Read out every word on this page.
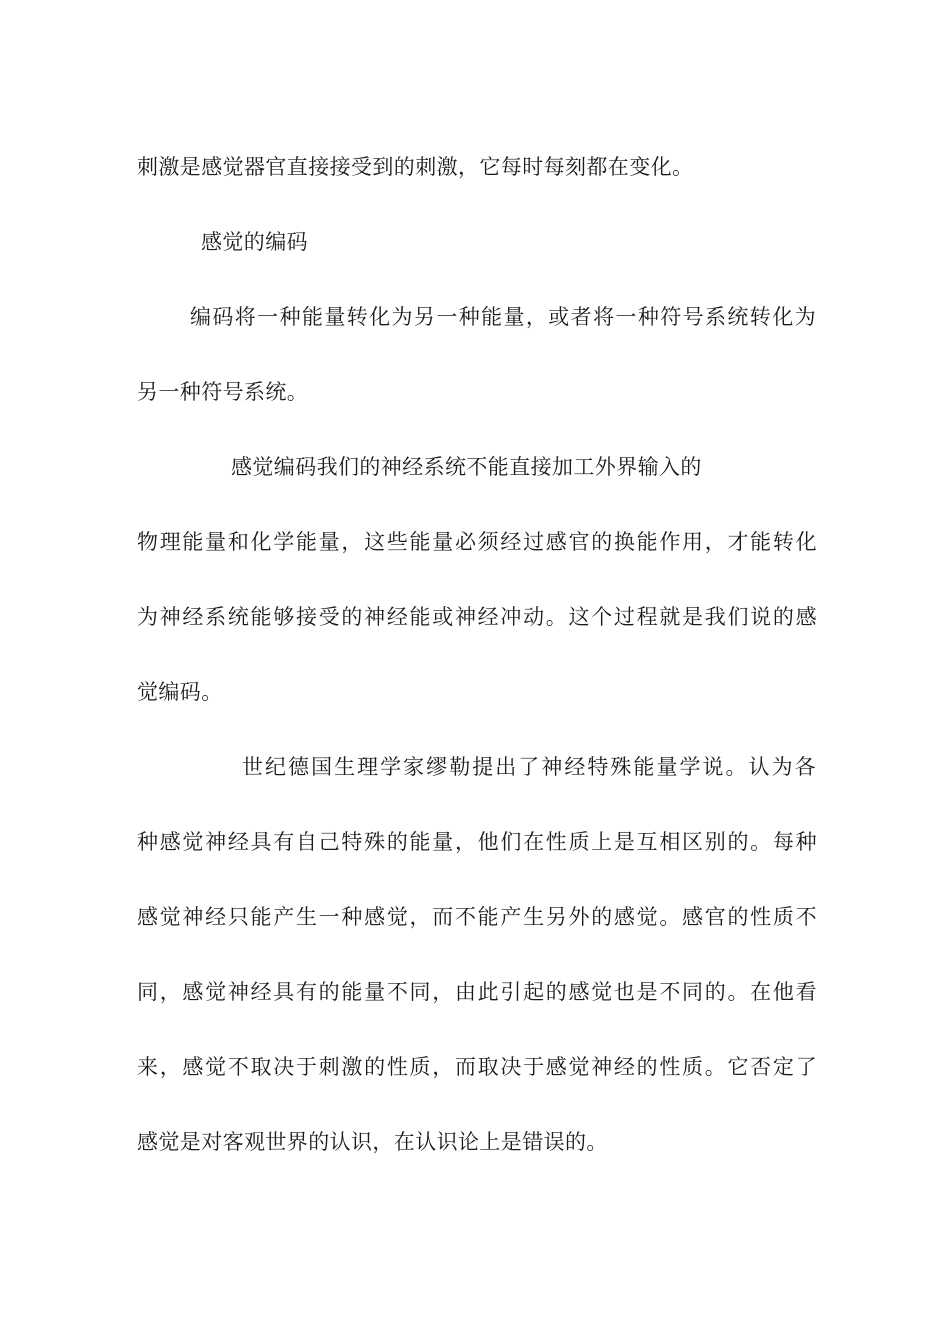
刺激是感觉器官直接接受到的刺激，它每时每刻都在变化。
感觉的编码
编码将一种能量转化为另一种能量，或者将一种符号系统转化为
另一种符号系统。
感觉编码我们的神经系统不能直接加工外界输入的
物理能量和化学能量，这些能量必须经过感官的换能作用，才能转化
为神经系统能够接受的神经能或神经冲动。这个过程就是我们说的感
觉编码。
世纪德国生理学家缪勒提出了神经特殊能量学说。认为各
种感觉神经具有自己特殊的能量，他们在性质上是互相区别的。每种
感觉神经只能产生一种感觉，而不能产生另外的感觉。感官的性质不
同，感觉神经具有的能量不同，由此引起的感觉也是不同的。在他看
来，感觉不取决于刺激的性质，而取决于感觉神经的性质。它否定了
感觉是对客观世界的认识，在认识论上是错误的。
